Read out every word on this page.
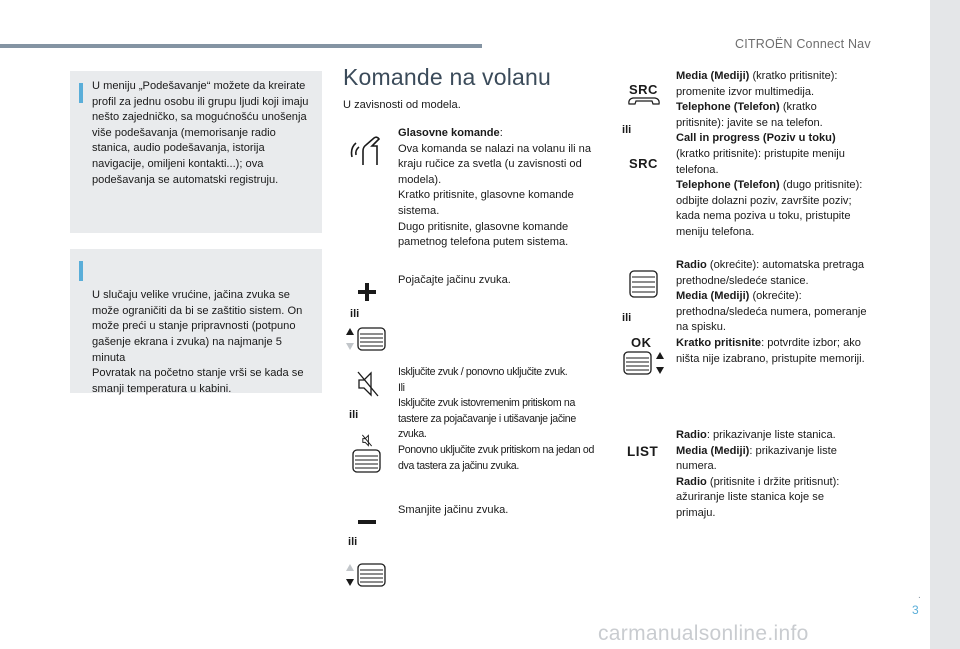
CITROËN Connect Nav

U meniju „Podešavanje“ možete da kreirate profil za jednu osobu ili grupu ljudi koji imaju nešto zajedničko, sa mogućnošću unošenja više podešavanja (memorisanje radio stanica, audio podešavanja, istorija navigacije, omiljeni kontakti...); ova podešavanja se automatski registruju.

U slučaju velike vrućine, jačina zvuka se može ograničiti da bi se zaštitio sistem. On može preći u stanje pripravnosti (potpuno gašenje ekrana i zvuka) na najmanje 5 minuta
Povratak na početno stanje vrši se kada se smanji temperatura u kabini.

Komande na volanu
U zavisnosti od modela.
ili
ili
ili
Glasovne komande:
Ova komanda se nalazi na volanu ili na kraju ručice za svetla (u zavisnosti od modela).
Kratko pritisnite, glasovne komande sistema.
Dugo pritisnite, glasovne komande pametnog telefona putem sistema.
Pojačajte jačinu zvuka.
Isključite zvuk / ponovno uključite zvuk.
Ili
Isključite zvuk istovremenim pritiskom na tastere za pojačavanje i utišavanje jačine zvuka.
Ponovno uključite zvuk pritiskom na jedan od dva tastera za jačinu zvuka.
Smanjite jačinu zvuka.
SRC
ili
SRC
ili
OK
LIST
Media (Mediji) (kratko pritisnite): promenite izvor multimedija.
Telephone (Telefon) (kratko pritisnite): javite se na telefon.
Call in progress (Poziv u toku)
(kratko pritisnite): pristupite meniju telefona.
Telephone (Telefon) (dugo pritisnite): odbijte dolazni poziv, završite poziv; kada nema poziva u toku, pristupite meniju telefona.
Radio (okrećite): automatska pretraga prethodne/sledeće stanice.
Media (Mediji) (okrećite): prethodna/sledeća numera, pomeranje na spisku.
Kratko pritisnite: potvrdite izbor; ako ništa nije izabrano, pristupite memoriji.
Radio: prikazivanje liste stanica.
Media (Mediji): prikazivanje liste numera.
Radio (pritisnite i držite pritisnut):
ažuriranje liste stanica koje se primaju.
.
3
carmanualsonline.info
